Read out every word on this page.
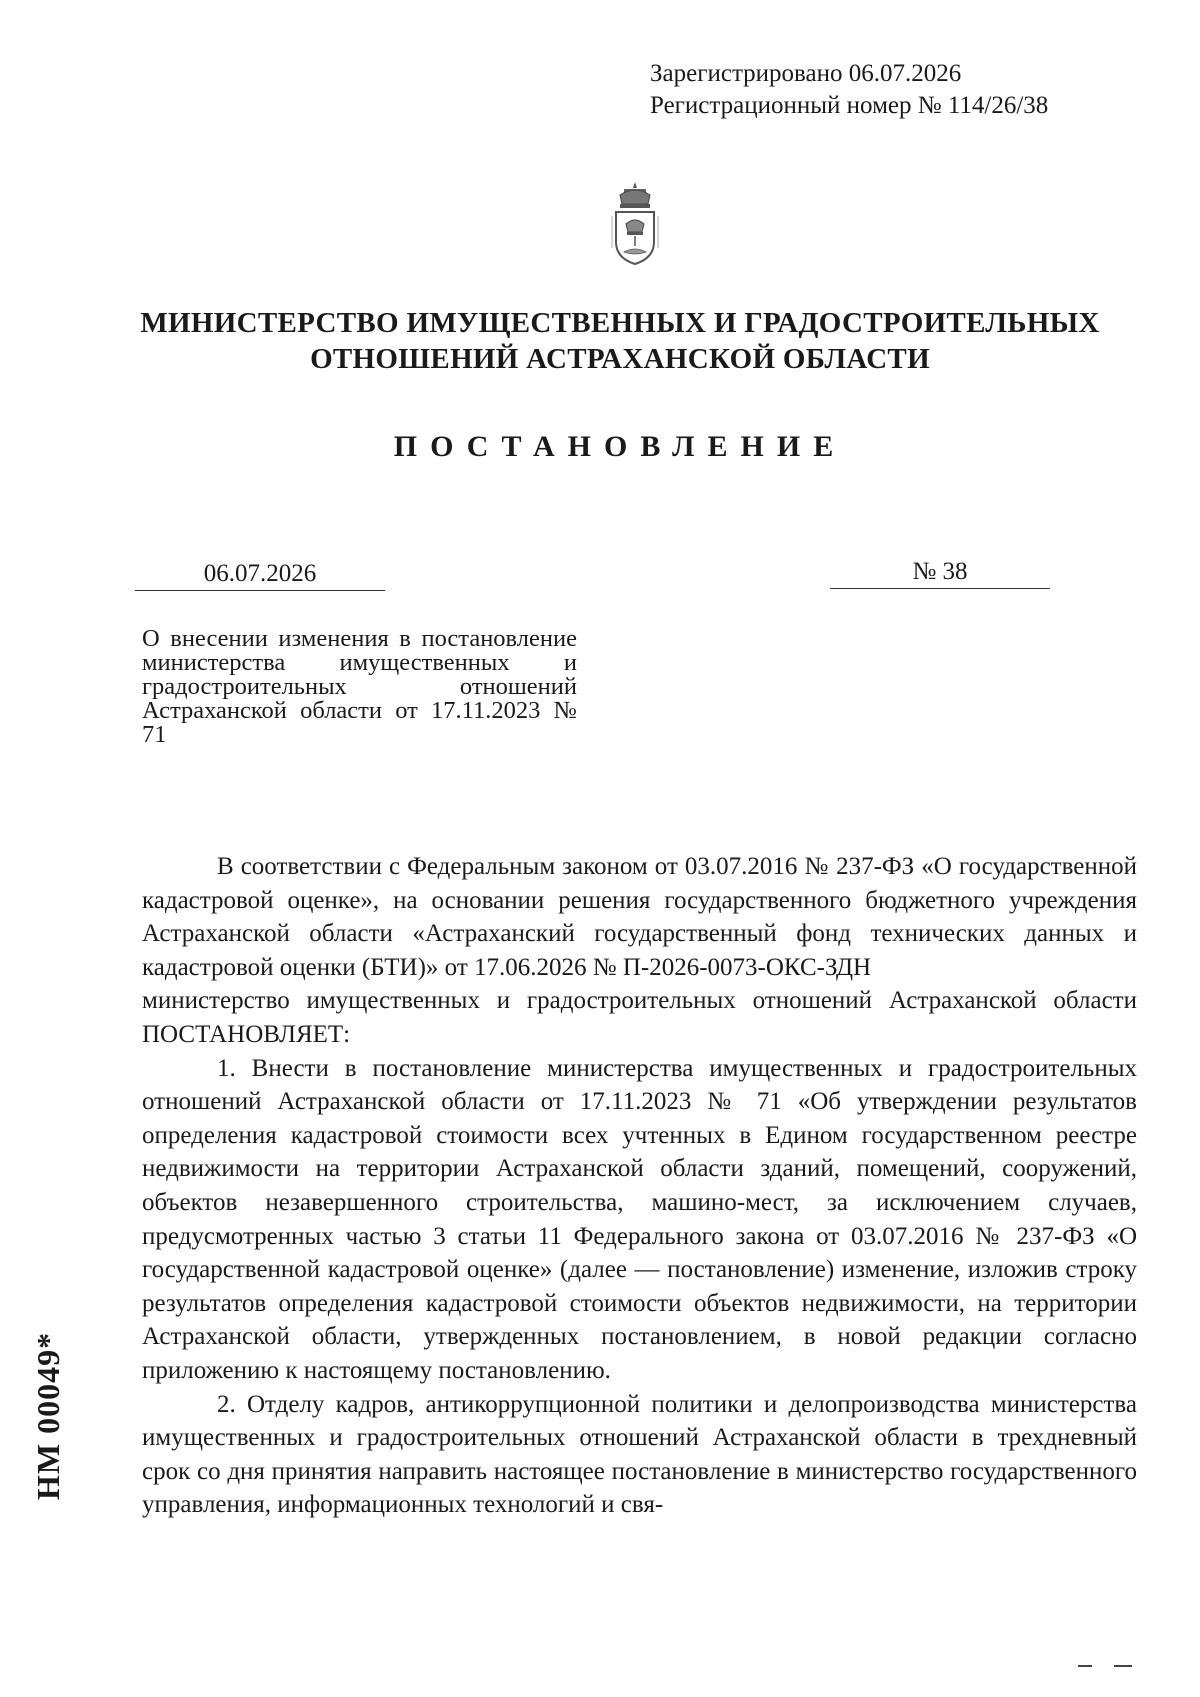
Зарегистрировано 06.07.2026
Регистрационный номер № 114/26/38
МИНИСТЕРСТВО ИМУЩЕСТВЕННЫХ И ГРАДОСТРОИТЕЛЬНЫХ
ОТНОШЕНИЙ АСТРАХАНСКОЙ ОБЛАСТИ
ПОСТАНОВЛЕНИЕ
06.07.2026	№ 38
О внесении изменения в постановление министерства имущественных и градостроительных отношений Астраханской области от 17.11.2023 № 71

В соответствии с Федеральным законом от 03.07.2016 № 237-ФЗ «О государственной кадастровой оценке», на основании решения государственного бюджетного учреждения Астраханской области «Астраханский государственный фонд технических данных и кадастровой оценки (БТИ)» от 17.06.2026 № П-2026-0073-ОКС-ЗДН

министерство имущественных и градостроительных отношений Астраханской области ПОСТАНОВЛЯЕТ:

1. Внести в постановление министерства имущественных и градостроительных отношений Астраханской области от 17.11.2023 № 71 «Об утверждении результатов определения кадастровой стоимости всех учтенных в Едином государственном реестре недвижимости на территории Астраханской области зданий, помещений, сооружений, объектов незавершенного строительства, машино-мест, за исключением случаев, предусмотренных частью 3 статьи 11 Федерального закона от 03.07.2016 № 237-ФЗ «О государственной кадастровой оценке» (далее — постановление) изменение, изложив строку результатов определения кадастровой стоимости объектов недвижимости, на территории Астраханской области, утвержденных постановлением, в новой редакции согласно приложению к настоящему постановлению.

2. Отделу кадров, антикоррупционной политики и делопроизводства министерства имущественных и градостроительных отношений Астраханской области в трехдневный срок со дня принятия направить настоящее постановление в министерство государственного управления, информационных технологий и свя-

НМ 00049*
